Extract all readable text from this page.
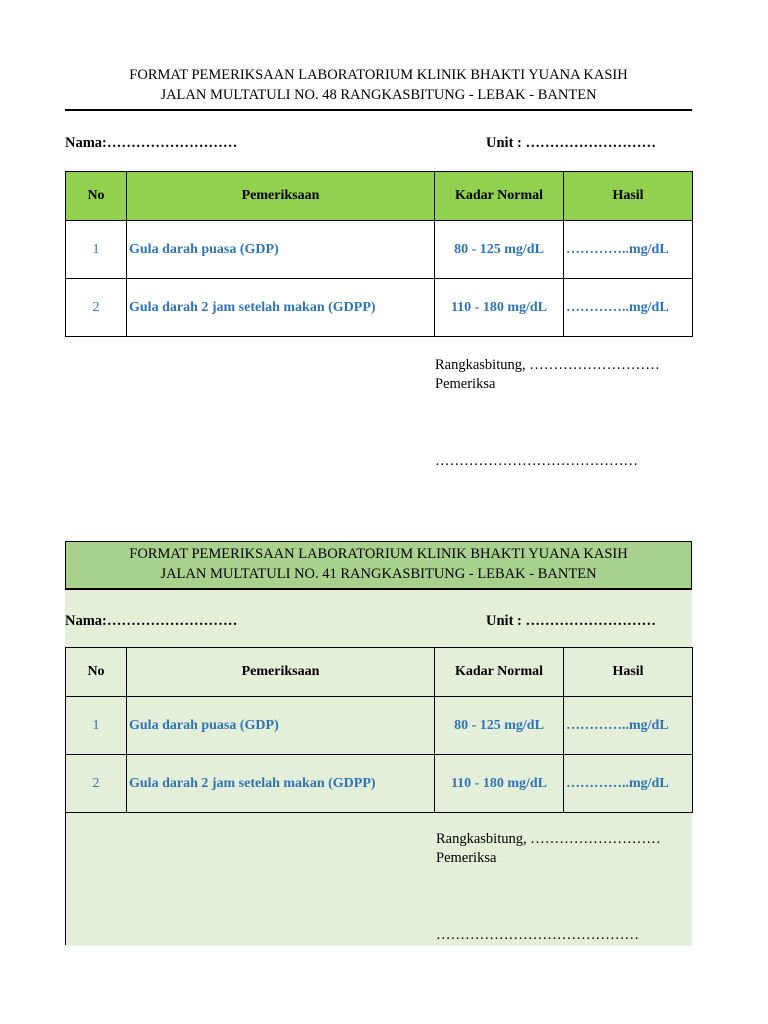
FORMAT PEMERIKSAAN LABORATORIUM KLINIK BHAKTI YUANA KASIH
JALAN MULTATULI NO. 48 RANGKASBITUNG - LEBAK - BANTEN
Nama:………………………	Unit : ………………………
No	Pemeriksaan	Kadar Normal	Hasil
1	Gula darah puasa (GDP)	80 - 125 mg/dL	…………..mg/dL
2	Gula darah 2 jam setelah makan (GDPP)	110 - 180 mg/dL	…………..mg/dL
Rangkasbitung, ………………………
Pemeriksa
……………………………………
FORMAT PEMERIKSAAN LABORATORIUM KLINIK BHAKTI YUANA KASIH
JALAN MULTATULI NO. 41 RANGKASBITUNG - LEBAK - BANTEN
Nama:………………………	Unit : ………………………
No	Pemeriksaan	Kadar Normal	Hasil
1	Gula darah puasa (GDP)	80 - 125 mg/dL	…………..mg/dL
2	Gula darah 2 jam setelah makan (GDPP)	110 - 180 mg/dL	…………..mg/dL
Rangkasbitung, ………………………
Pemeriksa
……………………………………
